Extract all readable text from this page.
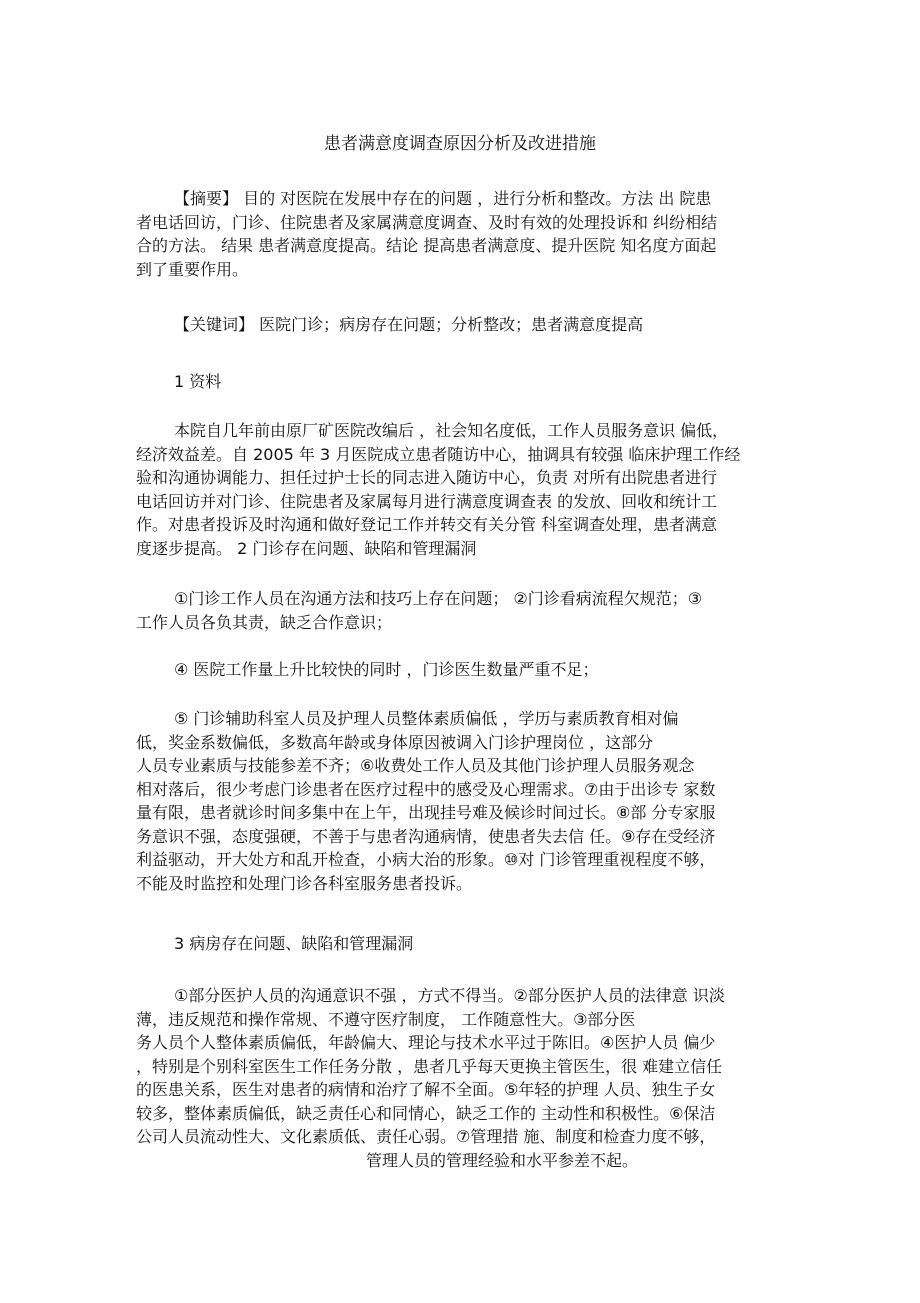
患者满意度调查原因分析及改进措施

【摘要】 目的 对医院在发展中存在的问题 ，进行分析和整改。方法 出 院患
者电话回访，门诊、住院患者及家属满意度调查、及时有效的处理投诉和 纠纷相结
合的方法。 结果 患者满意度提高。结论 提高患者满意度、提升医院 知名度方面起
到了重要作用。

【关键词】 医院门诊；病房存在问题；分析整改；患者满意度提高

1 资料

本院自几年前由原厂矿医院改编后 ，社会知名度低，工作人员服务意识 偏低，
经济效益差。自 2005 年 3 月医院成立患者随访中心，抽调具有较强 临床护理工作经
验和沟通协调能力、担任过护士长的同志进入随访中心，负责 对所有出院患者进行
电话回访并对门诊、住院患者及家属每月进行满意度调查表 的发放、回收和统计工
作。对患者投诉及时沟通和做好登记工作并转交有关分管 科室调查处理，患者满意
度逐步提高。 2 门诊存在问题、缺陷和管理漏洞

①门诊工作人员在沟通方法和技巧上存在问题； ②门诊看病流程欠规范；③
工作人员各负其责，缺乏合作意识；

④ 医院工作量上升比较快的同时 ，门诊医生数量严重不足；

⑤ 门诊辅助科室人员及护理人员整体素质偏低 ，学历与素质教育相对偏
低，奖金系数偏低，多数高年龄或身体原因被调入门诊护理岗位 ，这部分
人员专业素质与技能参差不齐；⑥收费处工作人员及其他门诊护理人员服务观念
相对落后，很少考虑门诊患者在医疗过程中的感受及心理需求。⑦由于出诊专 家数
量有限，患者就诊时间多集中在上午，出现挂号难及候诊时间过长。⑧部 分专家服
务意识不强，态度强硬，不善于与患者沟通病情，使患者失去信 任。⑨存在受经济
利益驱动，开大处方和乱开检查，小病大治的形象。⑩对 门诊管理重视程度不够，
不能及时监控和处理门诊各科室服务患者投诉。

3 病房存在问题、缺陷和管理漏洞

①部分医护人员的沟通意识不强 ，方式不得当。②部分医护人员的法律意 识淡
薄，违反规范和操作常规、不遵守医疗制度， 工作随意性大。③部分医
务人员个人整体素质偏低，年龄偏大、理论与技术水平过于陈旧。④医护人员 偏少
，特别是个别科室医生工作任务分散 ，患者几乎每天更换主管医生，很 难建立信任
的医患关系，医生对患者的病情和治疗了解不全面。⑤年轻的护理 人员、独生子女
较多，整体素质偏低，缺乏责任心和同情心，缺乏工作的 主动性和积极性。⑥保洁
公司人员流动性大、文化素质低、责任心弱。⑦管理措 施、制度和检查力度不够，
管理人员的管理经验和水平参差不起。
